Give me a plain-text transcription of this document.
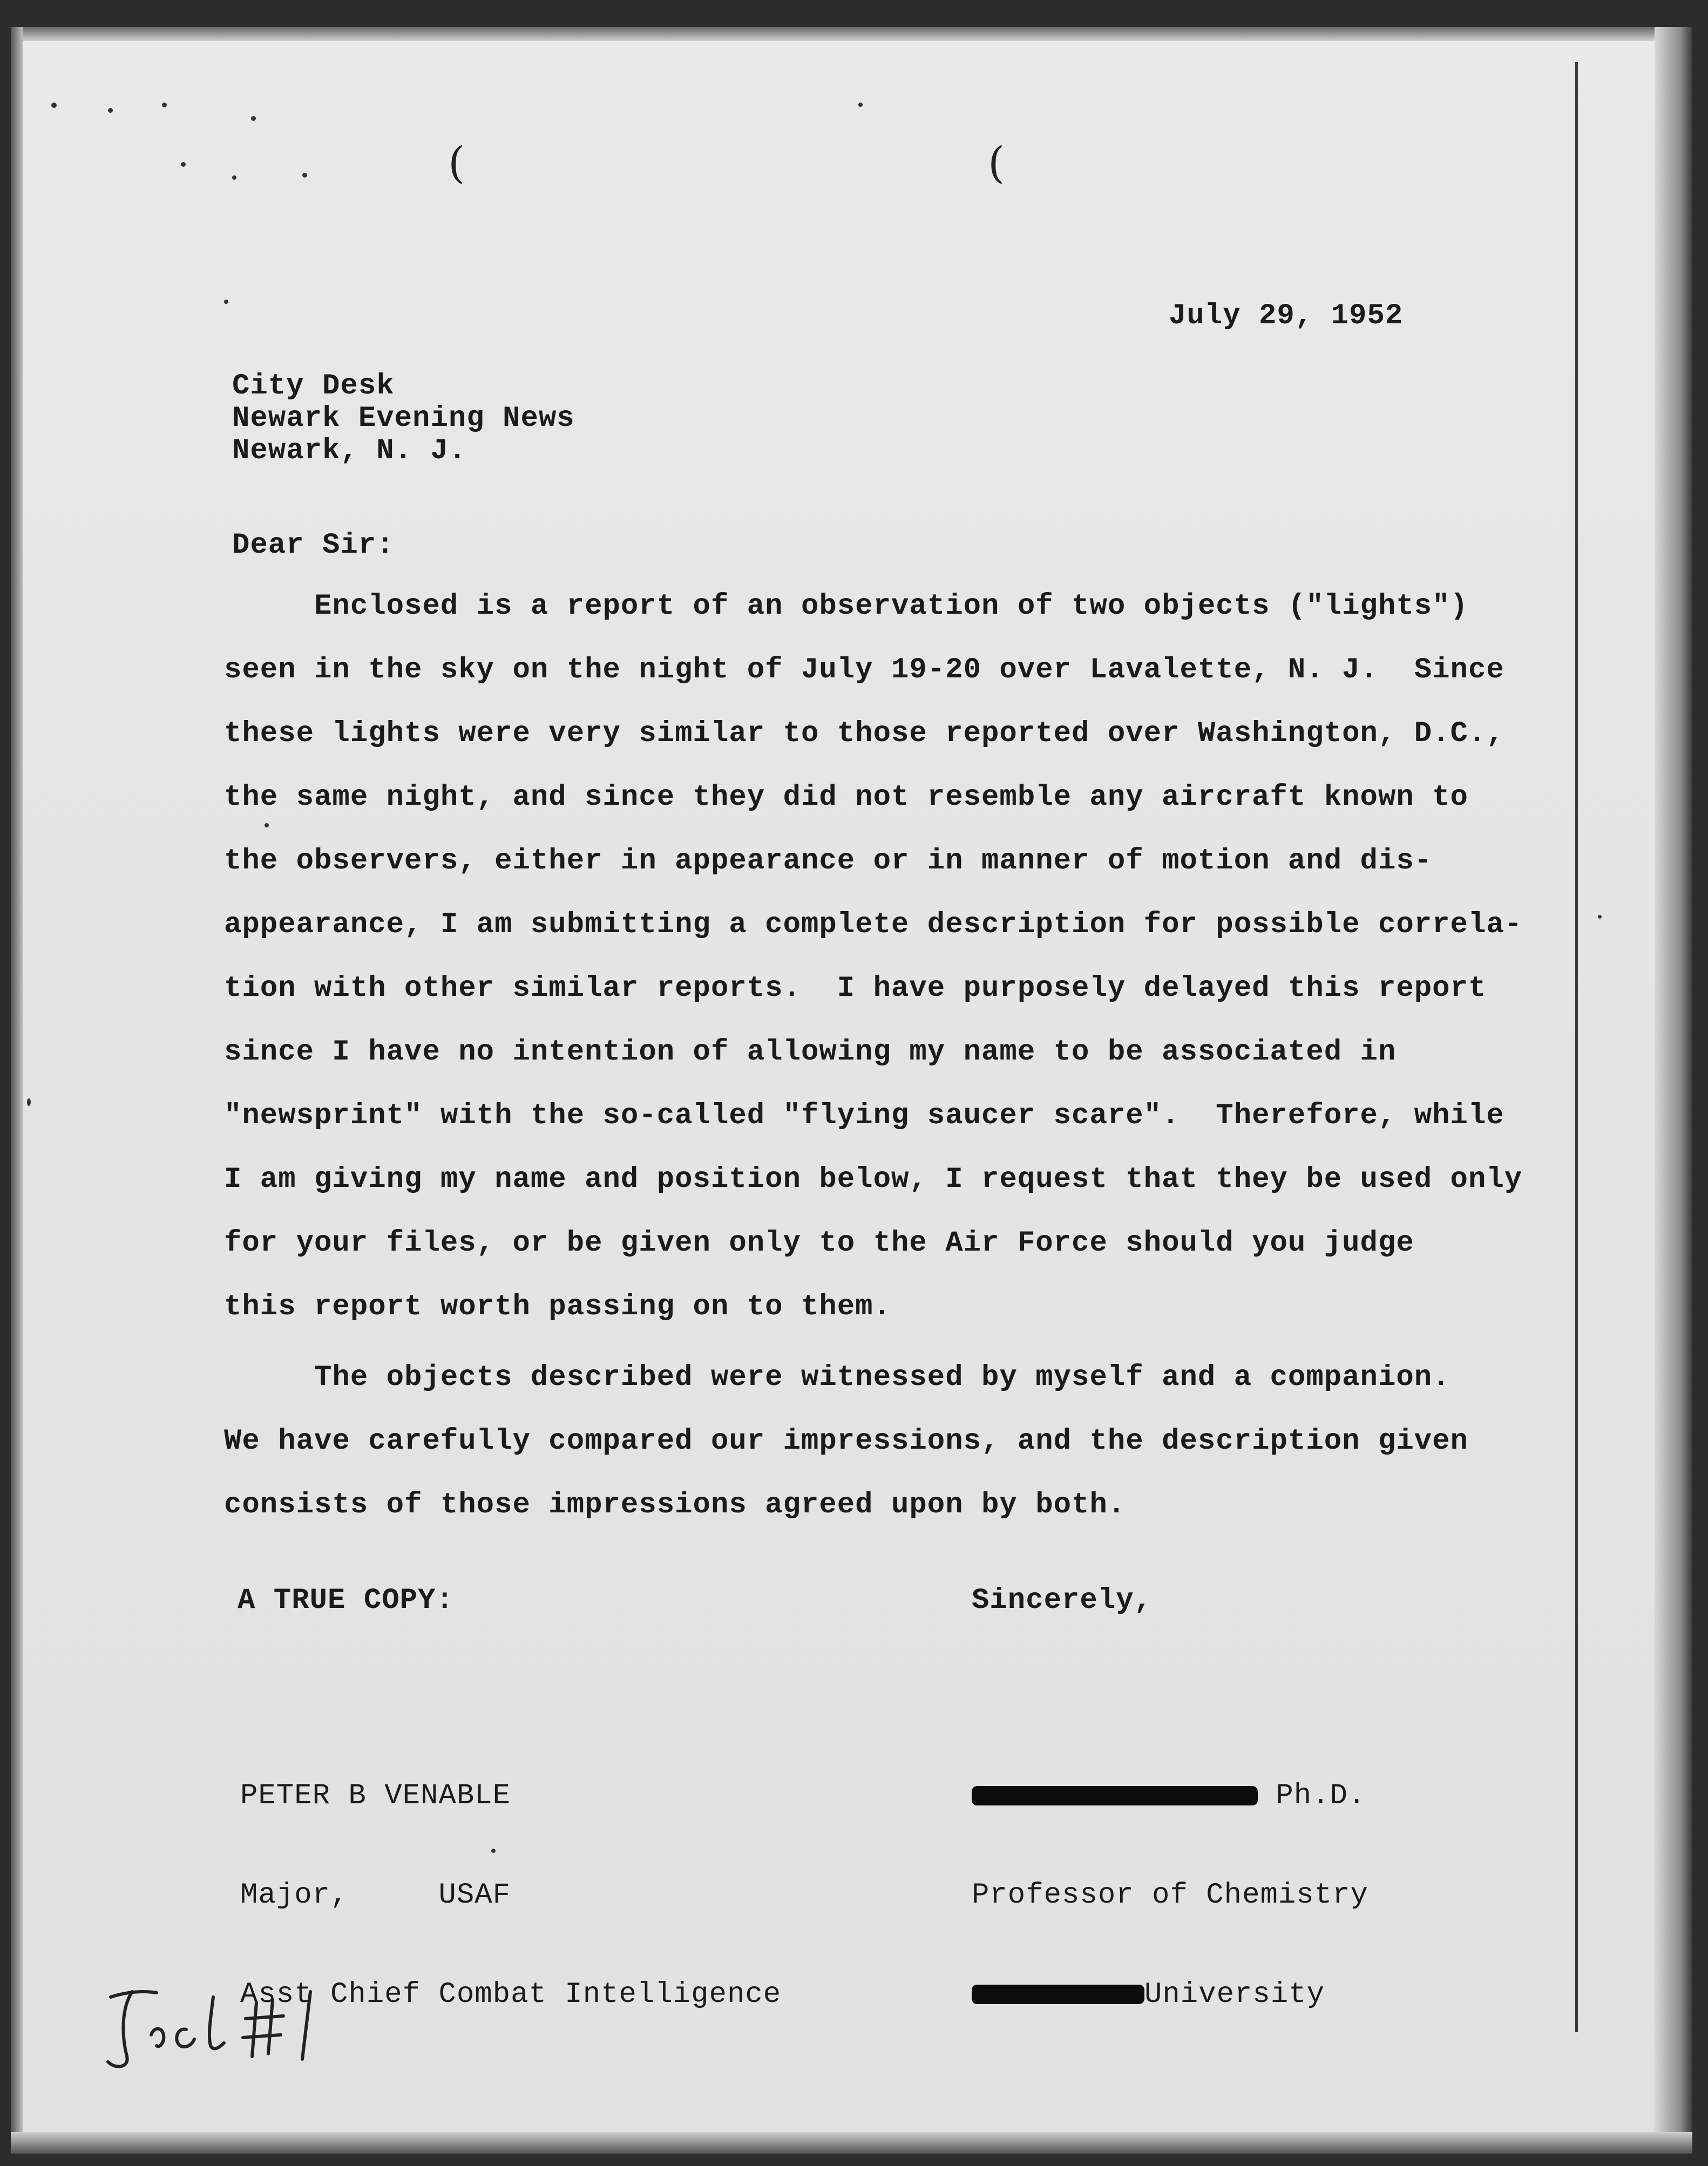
(	(
July 29, 1952
City Desk
Newark Evening News
Newark, N. J.
Dear Sir:
Enclosed is a report of an observation of two objects ("lights")
seen in the sky on the night of July 19-20 over Lavalette, N. J.  Since
these lights were very similar to those reported over Washington, D.C.,
the same night, and since they did not resemble any aircraft known to
the observers, either in appearance or in manner of motion and dis-
appearance, I am submitting a complete description for possible correla-
tion with other similar reports.  I have purposely delayed this report
since I have no intention of allowing my name to be associated in
"newsprint" with the so-called "flying saucer scare".  Therefore, while
I am giving my name and position below, I request that they be used only
for your files, or be given only to the Air Force should you judge
this report worth passing on to them.
The objects described were witnessed by myself and a companion.
We have carefully compared our impressions, and the description given
consists of those impressions agreed upon by both.
A TRUE COPY:	Sincerely,

PETER B VENABLE

Major,     USAF

Asst Chief Combat Intelligence

Ph.D.

Professor of Chemistry

University
